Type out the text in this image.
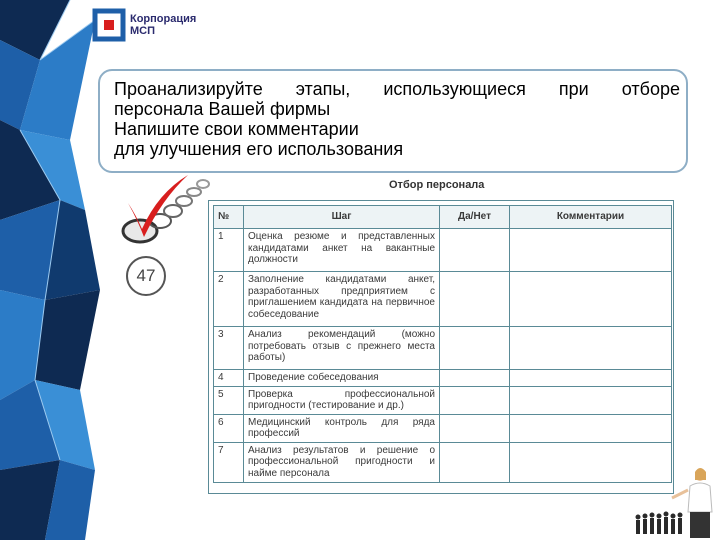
Корпорация
МСП
Проанализируйте этапы, использующиеся при отборе
персонала Вашей фирмы
Напишите свои комментарии
для улучшения его использования
47
Отбор персонала
№	Шаг	Да/Нет	Комментарии
1	Оценка резюме и представленных кандидатами анкет на вакантные должности		
2	Заполнение кандидатами анкет, разработанных предприятием с приглашением кандидата на первичное собеседование		
3	Анализ рекомендаций (можно потребовать отзыв с прежнего места работы)		
4	Проведение собеседования		
5	Проверка профессиональной пригодности (тестирование и др.)		
6	Медицинский контроль для ряда профессий		
7	Анализ результатов и решение о профессиональной пригодности и найме персонала		
